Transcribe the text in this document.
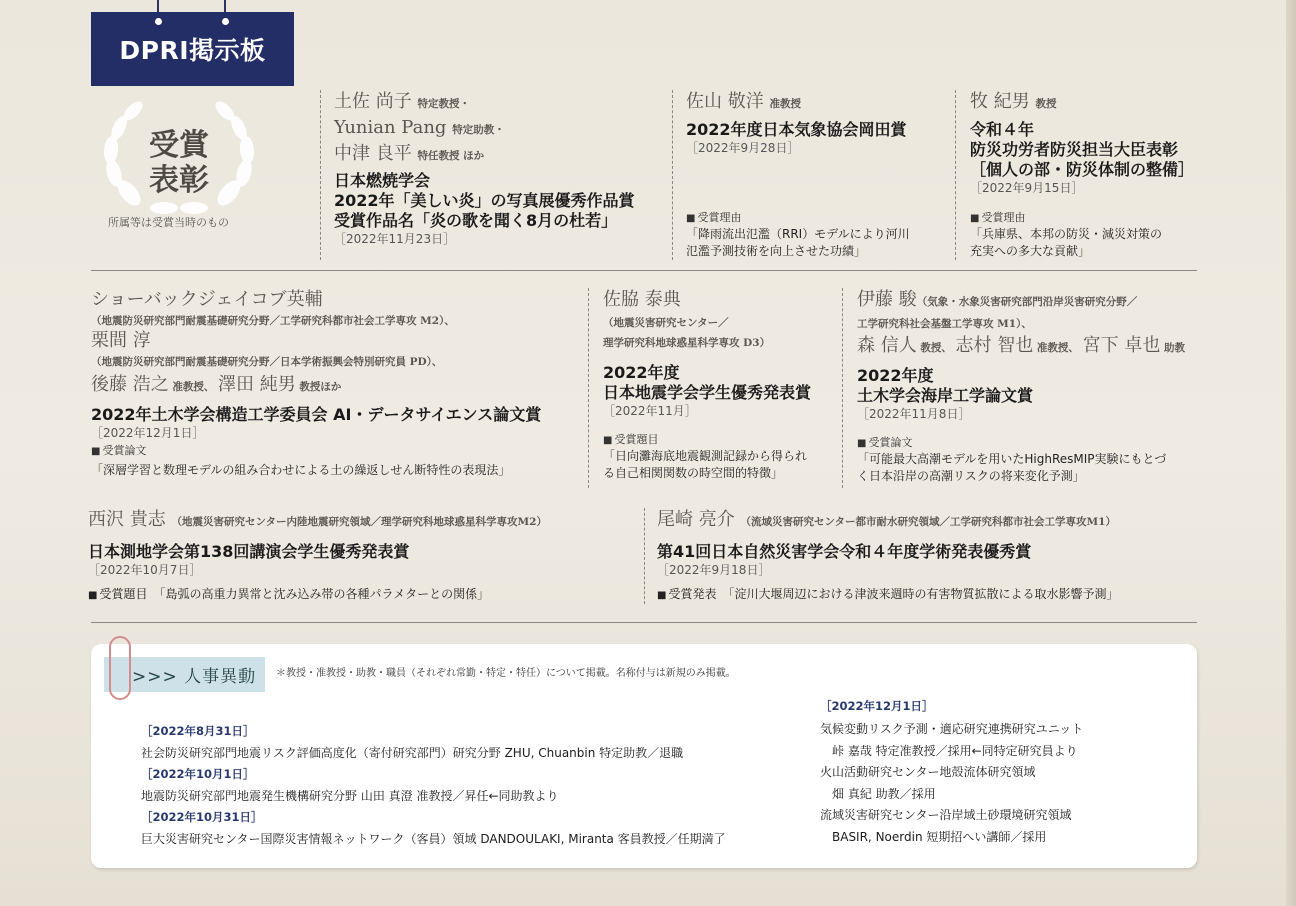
DPRI掲示板
受賞
表彰
所属等は受賞当時のもの
土佐 尚子 特定教授・
Yunian Pang 特定助教・
中津 良平 特任教授 ほか
日本燃焼学会
2022年「美しい炎」の写真展優秀作品賞
受賞作品名「炎の歌を聞く8月の杜若」
［2022年11月23日］
佐山 敬洋 准教授
2022年度日本気象協会岡田賞
［2022年9月28日］
■ 受賞理由
「降雨流出氾濫（RRI）モデルにより河川
氾濫予測技術を向上させた功績」
牧 紀男 教授
令和４年
防災功労者防災担当大臣表彰
［個人の部・防災体制の整備］
［2022年9月15日］
■ 受賞理由
「兵庫県、本邦の防災・減災対策の
充実への多大な貢献」
ショーバックジェイコブ英輔
（地震防災研究部門耐震基礎研究分野／工学研究科都市社会工学専攻 M2）、
栗間 淳
（地震防災研究部門耐震基礎研究分野／日本学術振興会特別研究員 PD）、
後藤 浩之 准教授、 澤田 純男 教授ほか
2022年土木学会構造工学委員会 AI・データサイエンス論文賞
［2022年12月1日］
■ 受賞論文
「深層学習と数理モデルの組み合わせによる土の繰返しせん断特性の表現法」
佐脇 泰典
（地震災害研究センター／
理学研究科地球惑星科学専攻 D3）
2022年度
日本地震学会学生優秀発表賞
［2022年11月］
■ 受賞題目
「日向灘海底地震観測記録から得られ
る自己相関関数の時空間的特徴」
伊藤 駿（気象・水象災害研究部門沿岸災害研究分野／
工学研究科社会基盤工学専攻 M1）、
森 信人 教授、 志村 智也 准教授、 宮下 卓也 助教
2022年度
土木学会海岸工学論文賞
［2022年11月8日］
■ 受賞論文
「可能最大高潮モデルを用いたHighResMIP実験にもとづ
く日本沿岸の高潮リスクの将来変化予測」
西沢 貴志 （地震災害研究センター内陸地震研究領域／理学研究科地球惑星科学専攻M2）
日本測地学会第138回講演会学生優秀発表賞
［2022年10月7日］
■ 受賞題目　 「島弧の高重力異常と沈み込み帯の各種パラメターとの関係」
尾崎 亮介 （流域災害研究センター都市耐水研究領域／工学研究科都市社会工学専攻M1）
第41回日本自然災害学会令和４年度学術発表優秀賞
［2022年9月18日］
■ 受賞発表　 「淀川大堰周辺における津波来週時の有害物質拡散による取水影響予測」
>>> 人事異動	＊教授・准教授・助教・職員（それぞれ常勤・特定・特任）について掲載。名称付与は新規のみ掲載。
［2022年8月31日］
社会防災研究部門地震リスク評価高度化（寄付研究部門）研究分野 ZHU, Chuanbin 特定助教／退職
［2022年10月1日］
地震防災研究部門地震発生機構研究分野 山田 真澄 准教授／昇任←同助教より
［2022年10月31日］
巨大災害研究センター国際災害情報ネットワーク（客員）領域 DANDOULAKI, Miranta 客員教授／任期満了
［2022年12月1日］
気候変動リスク予測・適応研究連携研究ユニット
　峠 嘉哉 特定准教授／採用←同特定研究員より
火山活動研究センター地殻流体研究領域
　畑 真紀 助教／採用
流域災害研究センター沿岸域土砂環境研究領域
　BASIR, Noerdin 短期招へい講師／採用
